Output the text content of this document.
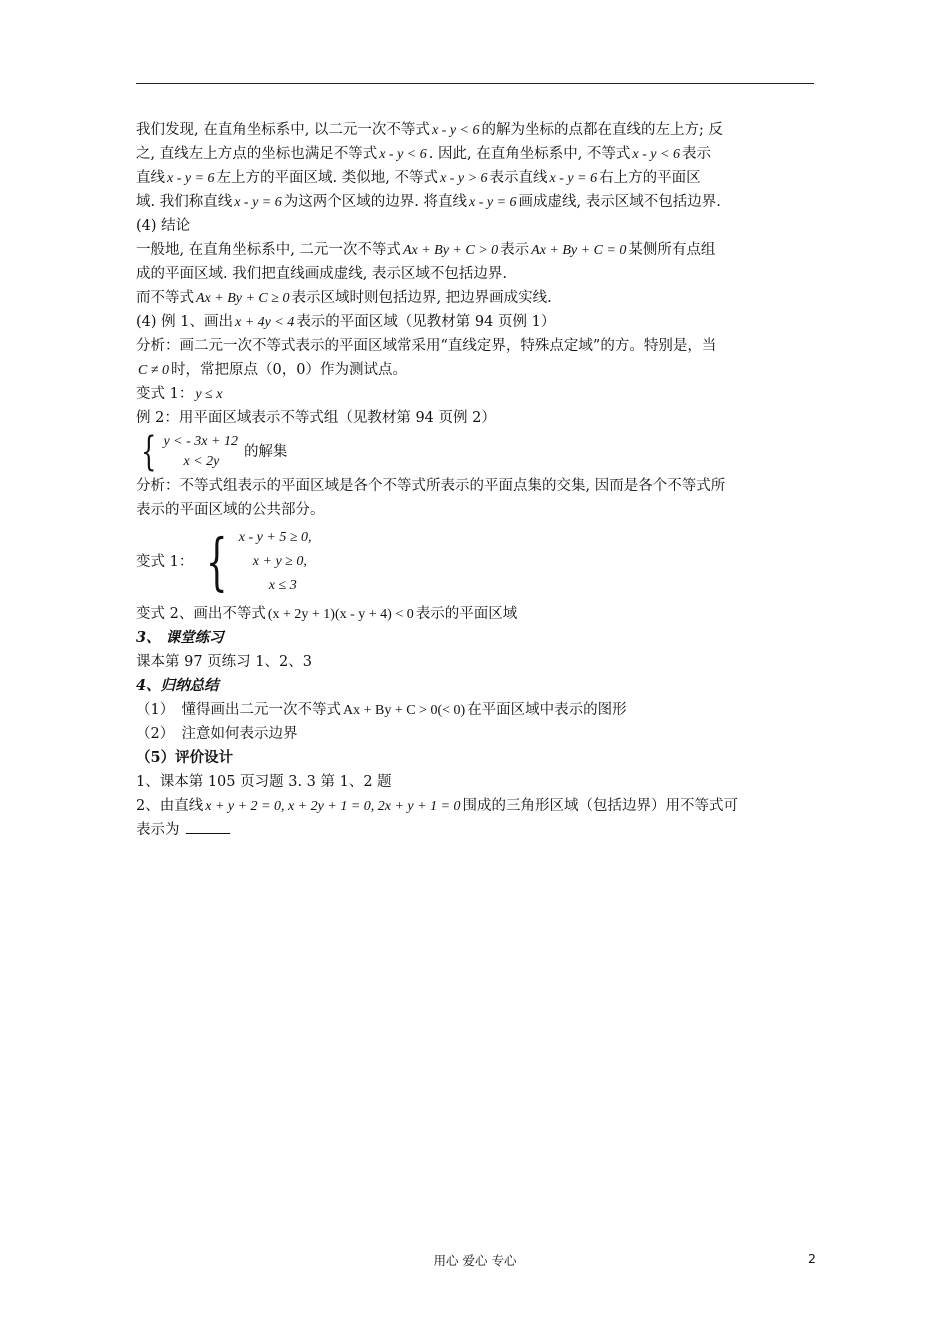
我们发现, 在直角坐标系中, 以二元一次不等式 x - y < 6 的解为坐标的点都在直线的左上方; 反
之, 直线左上方点的坐标也满足不等式 x - y < 6 . 因此, 在直角坐标系中, 不等式 x - y < 6 表示
直线 x - y = 6 左上方的平面区域. 类似地, 不等式 x - y > 6 表示直线 x - y = 6 右上方的平面区
域. 我们称直线 x - y = 6 为这两个区域的边界. 将直线 x - y = 6 画成虚线, 表示区域不包括边界.
(4) 结论
一般地, 在直角坐标系中, 二元一次不等式 Ax + By + C > 0 表示 Ax + By + C = 0 某侧所有点组
成的平面区域. 我们把直线画成虚线, 表示区域不包括边界.
而不等式 Ax + By + C ≥ 0 表示区域时则包括边界, 把边界画成实线.
(4) 例 1、画出 x + 4y < 4 表示的平面区域（见教材第 94 页例 1）
分析：画二元一次不等式表示的平面区域常采用“直线定界，特殊点定域”的方。特别是，当
C ≠ 0 时，常把原点（0，0）作为测试点。
变式 1： y ≤ x
例 2：用平面区域表示不等式组（见教材第 94 页例 2）
{ y < - 3x + 12
x < 2y
的解集
分析：不等式组表示的平面区域是各个不等式所表示的平面点集的交集, 因而是各个不等式所
表示的平面区域的公共部分。
变式 1： { x - y + 5 ≥ 0,
x + y ≥ 0,
x ≤ 3
变式 2、画出不等式 (x + 2y + 1)(x - y + 4) < 0 表示的平面区域
3、 课堂练习
课本第 97 页练习 1、2、3
4、归纳总结
（1）　懂得画出二元一次不等式 Ax + By + C > 0(< 0) 在平面区域中表示的图形
（2）　注意如何表示边界
（5）评价设计
1、课本第 105 页习题 3. 3 第 1、2 题
2、由直线 x + y + 2 = 0, x + 2y + 1 = 0, 2x + y + 1 = 0 围成的三角形区域（包括边界）用不等式可
表示为
用心 爱心 专心	2
